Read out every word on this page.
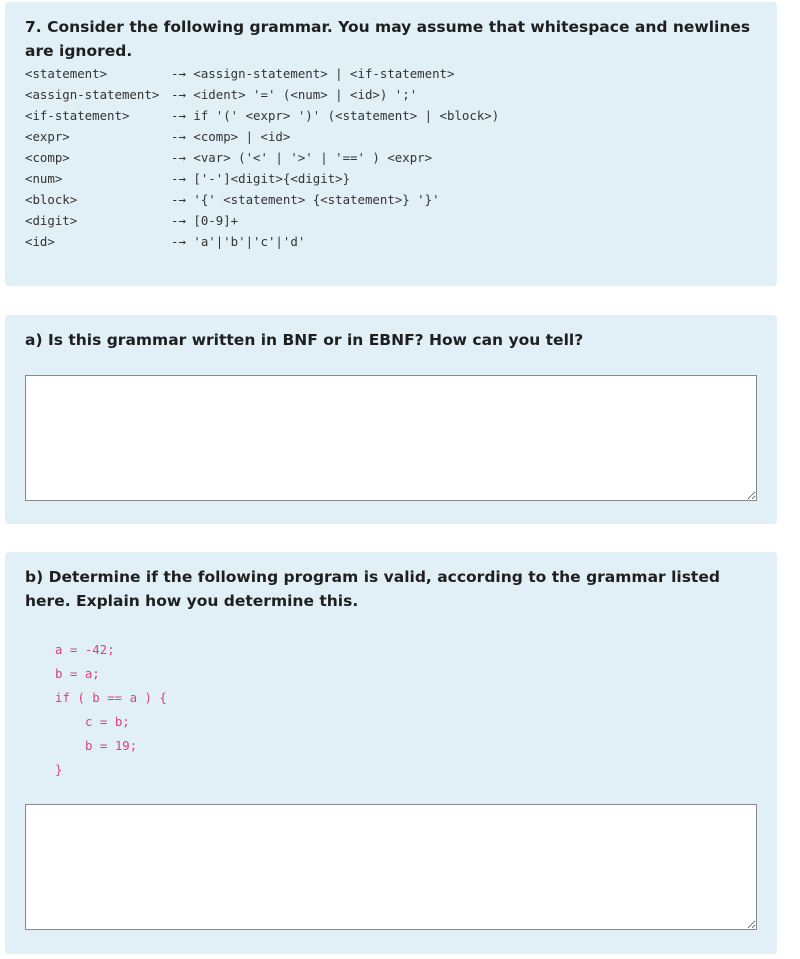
7. Consider the following grammar. You may assume that whitespace and newlines are ignored.

<statement>	-→ <assign-statement> | <if-statement>
<assign-statement> -→ <ident> '=' (<num> | <id>) ';'
<if-statement>	-→ if '(' <expr> ')' (<statement> | <block>)
<expr>	-→ <comp> | <id>
<comp>	-→ <var> ('<' | '>' | '==' ) <expr>
<num>	-→ ['-']<digit>{<digit>}
<block>	-→ '{' <statement> {<statement>} '}'
<digit>	-→ [0-9]+
<id>	-→ 'a'|'b'|'c'|'d'

a) Is this grammar written in BNF or in EBNF? How can you tell?

b) Determine if the following program is valid, according to the grammar listed here. Explain how you determine this.

a = -42;
b = a;
if ( b == a ) {
c = b;
b = 19;
}
